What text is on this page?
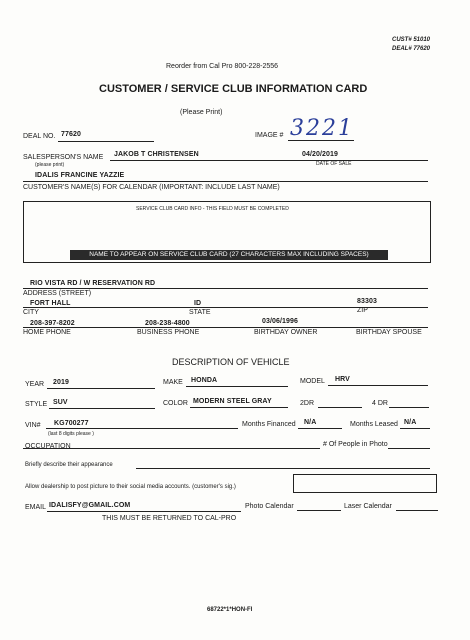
CUST# 51010
DEAL# 77620
Reorder from Cal Pro 800-228-2556
CUSTOMER / SERVICE CLUB INFORMATION CARD
(Please Print)
DEAL NO. 77620	IMAGE # 3221
SALESPERSON'S NAME
(please print)
JAKOB T CHRISTENSEN	04/20/2019
DATE OF SALE
IDALIS FRANCINE YAZZIE
CUSTOMER'S NAME(S) FOR CALENDAR (IMPORTANT: INCLUDE LAST NAME)
SERVICE CLUB CARD INFO - THIS FIELD MUST BE COMPLETED
NAME TO APPEAR ON SERVICE CLUB CARD (27 CHARACTERS MAX INCLUDING SPACES)
RIO VISTA RD / W RESERVATION RD
ADDRESS (STREET)
FORT HALL	ID	83303
CITY	STATE	ZIP
208-397-8202	208-238-4800	03/06/1996
HOME PHONE	BUSINESS PHONE	BIRTHDAY OWNER	BIRTHDAY SPOUSE
DESCRIPTION OF VEHICLE
YEAR 2019	MAKE HONDA	MODEL HRV
STYLE SUV	COLOR MODERN STEEL GRAY	2DR	4 DR
VIN# KG700277
(last 8 digits please )
Months Financed N/A	Months Leased N/A
OCCUPATION	# Of People in Photo
Briefly describe their appearance
Allow dealership to post picture to their social media accounts. (customer's sig.)
EMAIL IDALISFY@GMAIL.COM	Photo Calendar	Laser Calendar
THIS MUST BE RETURNED TO CAL-PRO
68722*1*HON-FI
